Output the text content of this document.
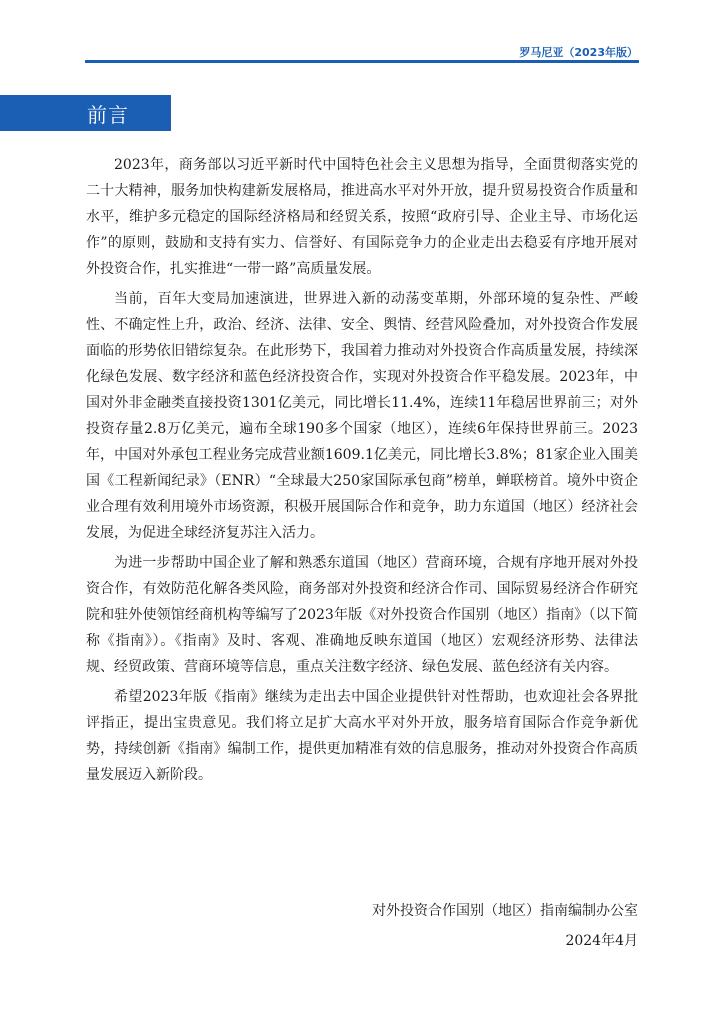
罗马尼亚（2023年版）
前言

2023年，商务部以习近平新时代中国特色社会主义思想为指导，全面贯彻落实党的二十大精神，服务加快构建新发展格局，推进高水平对外开放，提升贸易投资合作质量和水平，维护多元稳定的国际经济格局和经贸关系，按照“政府引导、企业主导、市场化运作”的原则，鼓励和支持有实力、信誉好、有国际竞争力的企业走出去稳妥有序地开展对外投资合作，扎实推进“一带一路”高质量发展。

当前，百年大变局加速演进，世界进入新的动荡变革期，外部环境的复杂性、严峻性、不确定性上升，政治、经济、法律、安全、舆情、经营风险叠加，对外投资合作发展面临的形势依旧错综复杂。在此形势下，我国着力推动对外投资合作高质量发展，持续深化绿色发展、数字经济和蓝色经济投资合作，实现对外投资合作平稳发展。2023年，中国对外非金融类直接投资1301亿美元，同比增长11.4%，连续11年稳居世界前三；对外投资存量2.8万亿美元，遍布全球190多个国家（地区），连续6年保持世界前三。2023年，中国对外承包工程业务完成营业额1609.1亿美元，同比增长3.8%；81家企业入围美国《工程新闻纪录》（ENR）“全球最大250家国际承包商”榜单，蝉联榜首。境外中资企业合理有效利用境外市场资源，积极开展国际合作和竞争，助力东道国（地区）经济社会发展，为促进全球经济复苏注入活力。

为进一步帮助中国企业了解和熟悉东道国（地区）营商环境，合规有序地开展对外投资合作，有效防范化解各类风险，商务部对外投资和经济合作司、国际贸易经济合作研究院和驻外使领馆经商机构等编写了2023年版《对外投资合作国别（地区）指南》（以下简称《指南》）。《指南》及时、客观、准确地反映东道国（地区）宏观经济形势、法律法规、经贸政策、营商环境等信息，重点关注数字经济、绿色发展、蓝色经济有关内容。

希望2023年版《指南》继续为走出去中国企业提供针对性帮助，也欢迎社会各界批评指正，提出宝贵意见。我们将立足扩大高水平对外开放，服务培育国际合作竞争新优势，持续创新《指南》编制工作，提供更加精准有效的信息服务，推动对外投资合作高质量发展迈入新阶段。

对外投资合作国别（地区）指南编制办公室
2024年4月
